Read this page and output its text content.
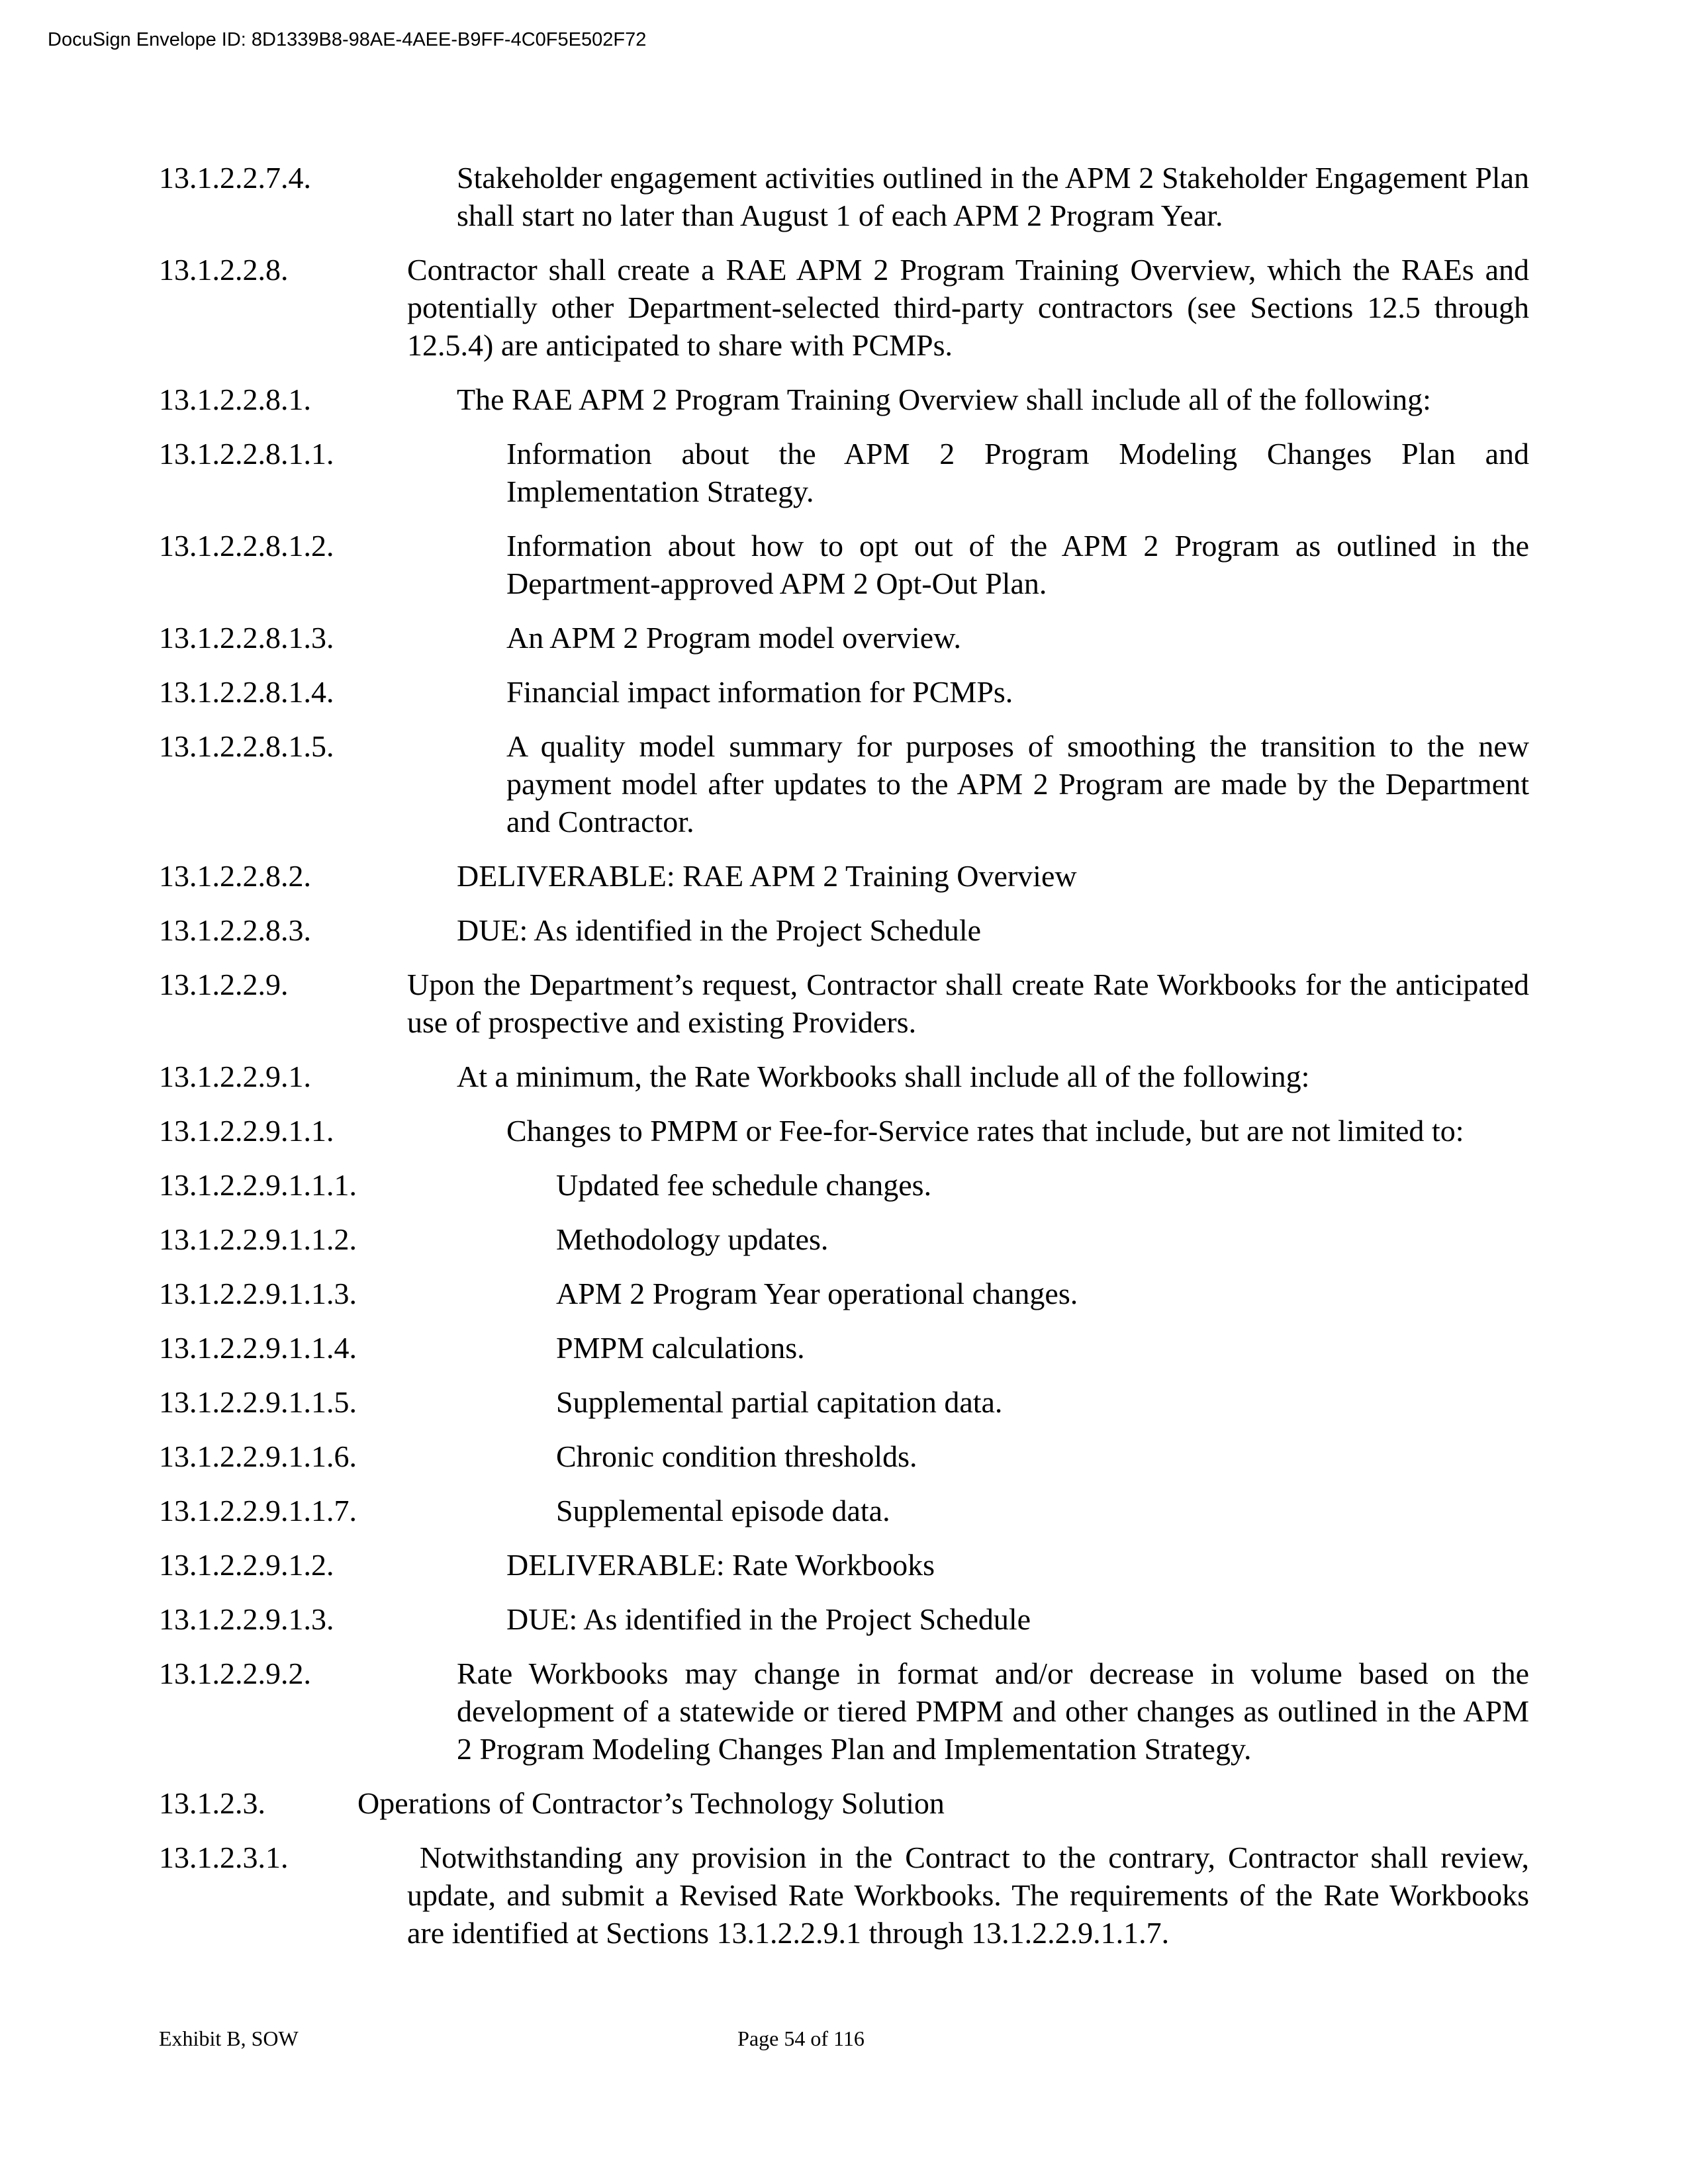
DocuSign Envelope ID: 8D1339B8-98AE-4AEE-B9FF-4C0F5E502F72
13.1.2.2.7.4.	Stakeholder engagement activities outlined in the APM 2 Stakeholder Engagement Plan shall start no later than August 1 of each APM 2 Program Year.
13.1.2.2.8.	Contractor shall create a RAE APM 2 Program Training Overview, which the RAEs and potentially other Department-selected third-party contractors (see Sections 12.5 through 12.5.4) are anticipated to share with PCMPs.
13.1.2.2.8.1.	The RAE APM 2 Program Training Overview shall include all of the following:
13.1.2.2.8.1.1.	Information about the APM 2 Program Modeling Changes Plan and Implementation Strategy.
13.1.2.2.8.1.2.	Information about how to opt out of the APM 2 Program as outlined in the Department-approved APM 2 Opt-Out Plan.
13.1.2.2.8.1.3.	An APM 2 Program model overview.
13.1.2.2.8.1.4.	Financial impact information for PCMPs.
13.1.2.2.8.1.5.	A quality model summary for purposes of smoothing the transition to the new payment model after updates to the APM 2 Program are made by the Department and Contractor.
13.1.2.2.8.2.	DELIVERABLE: RAE APM 2 Training Overview
13.1.2.2.8.3.	DUE: As identified in the Project Schedule
13.1.2.2.9.	Upon the Department’s request, Contractor shall create Rate Workbooks for the anticipated use of prospective and existing Providers.
13.1.2.2.9.1.	At a minimum, the Rate Workbooks shall include all of the following:
13.1.2.2.9.1.1.	Changes to PMPM or Fee-for-Service rates that include, but are not limited to:
13.1.2.2.9.1.1.1.	Updated fee schedule changes.
13.1.2.2.9.1.1.2.	Methodology updates.
13.1.2.2.9.1.1.3.	APM 2 Program Year operational changes.
13.1.2.2.9.1.1.4.	PMPM calculations.
13.1.2.2.9.1.1.5.	Supplemental partial capitation data.
13.1.2.2.9.1.1.6.	Chronic condition thresholds.
13.1.2.2.9.1.1.7.	Supplemental episode data.
13.1.2.2.9.1.2.	DELIVERABLE: Rate Workbooks
13.1.2.2.9.1.3.	DUE: As identified in the Project Schedule
13.1.2.2.9.2.	Rate Workbooks may change in format and/or decrease in volume based on the development of a statewide or tiered PMPM and other changes as outlined in the APM 2 Program Modeling Changes Plan and Implementation Strategy.
13.1.2.3.	Operations of Contractor’s Technology Solution
13.1.2.3.1.	Notwithstanding any provision in the Contract to the contrary, Contractor shall review, update, and submit a Revised Rate Workbooks. The requirements of the Rate Workbooks are identified at Sections 13.1.2.2.9.1 through 13.1.2.2.9.1.1.7.
Exhibit B, SOW	Page 54 of 116
